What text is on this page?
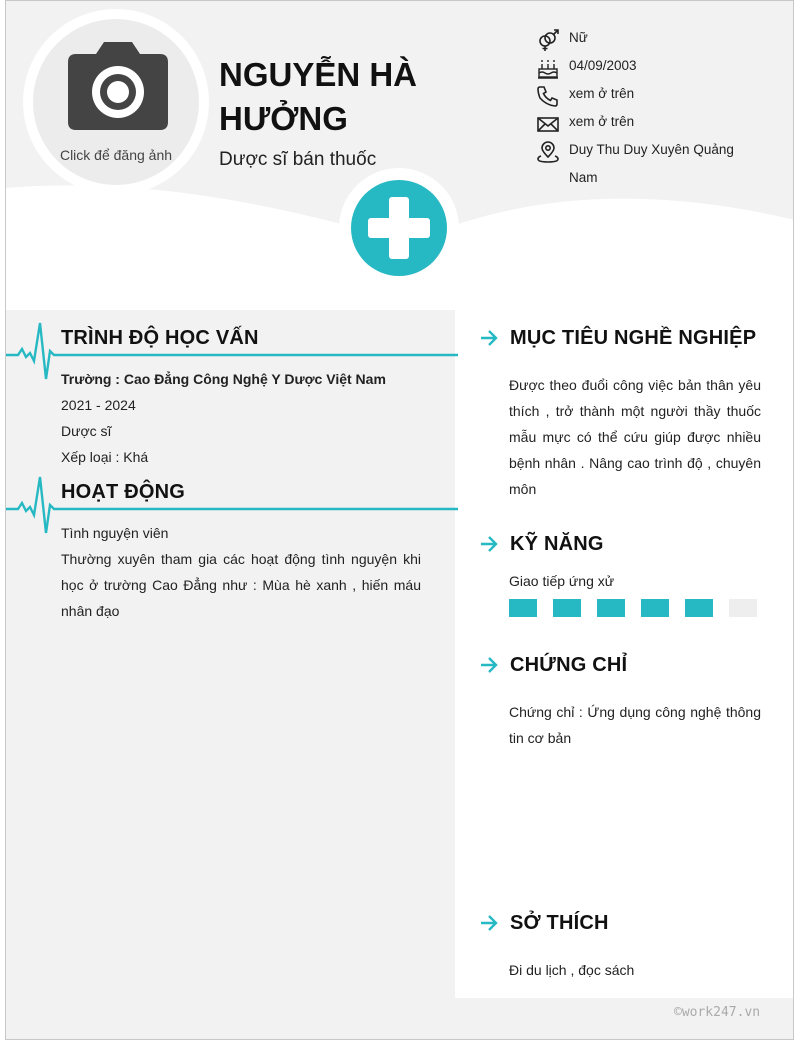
Click để đăng ảnh
NGUYỄN HÀ HƯỞNG
Dược sĩ bán thuốc
Nữ
04/09/2003
xem ở trên
xem ở trên
Duy Thu Duy Xuyên Quảng Nam
TRÌNH ĐỘ HỌC VẤN
Trường : Cao Đẳng Công Nghệ Y Dược Việt Nam
2021 - 2024
Dược sĩ
Xếp loại : Khá
HOẠT ĐỘNG
Tình nguyện viên
Thường xuyên tham gia các hoạt động tình nguyện khi học ở trường Cao Đẳng như : Mùa hè xanh , hiến máu nhân đạo
MỤC TIÊU NGHỀ NGHIỆP
Được theo đuổi công việc bản thân yêu thích , trở thành một người thầy thuốc mẫu mực có thể cứu giúp được nhiều bệnh nhân . Nâng cao trình độ , chuyên môn
KỸ NĂNG
Giao tiếp ứng xử
CHỨNG CHỈ
Chứng chỉ : Ứng dụng công nghệ thông tin cơ bản
SỞ THÍCH
Đi du lịch , đọc sách
©work247.vn
